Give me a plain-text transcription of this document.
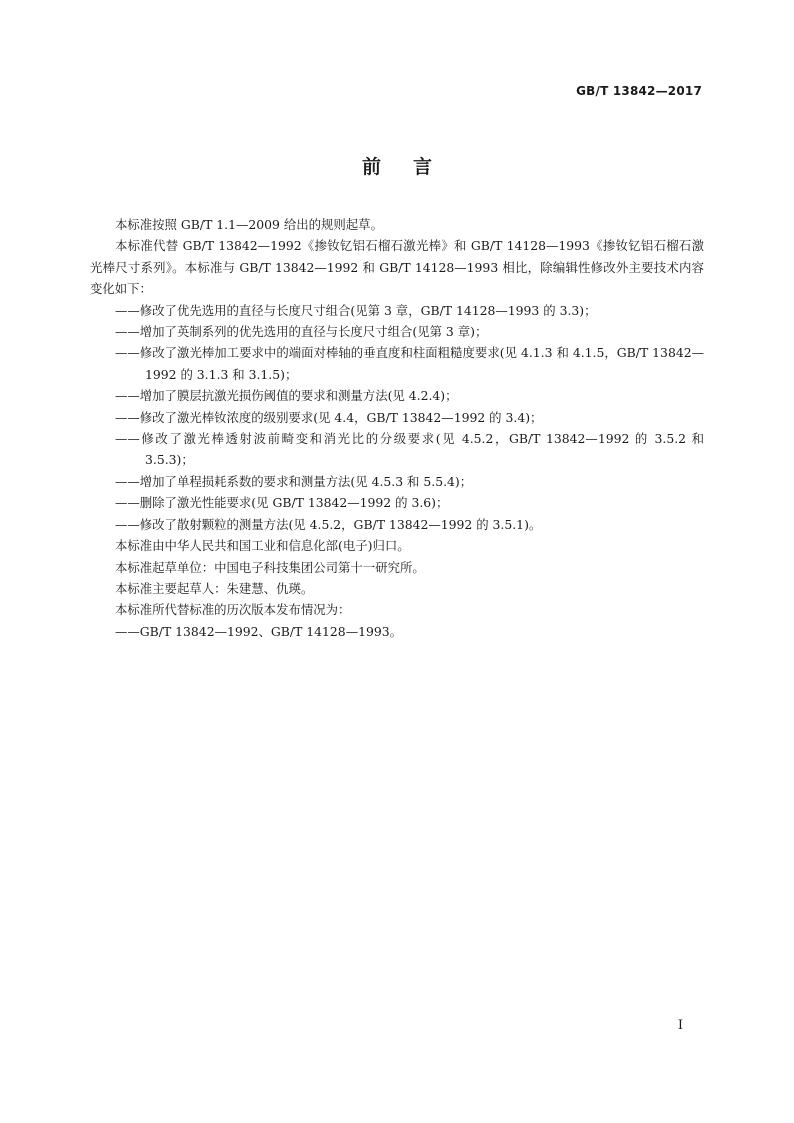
GB/T 13842—2017
前言

本标准按照 GB/T 1.1—2009 给出的规则起草。

本标准代替 GB/T 13842—1992《掺钕钇铝石榴石激光棒》和 GB/T 14128—1993《掺钕钇铝石榴石激光棒尺寸系列》。本标准与 GB/T 13842—1992 和 GB/T 14128—1993 相比，除编辑性修改外主要技术内容变化如下：

——修改了优先选用的直径与长度尺寸组合(见第 3 章，GB/T 14128—1993 的 3.3)；

——增加了英制系列的优先选用的直径与长度尺寸组合(见第 3 章)；

——修改了激光棒加工要求中的端面对棒轴的垂直度和柱面粗糙度要求(见 4.1.3 和 4.1.5，GB/T 13842—1992 的 3.1.3 和 3.1.5)；

——增加了膜层抗激光损伤阈值的要求和测量方法(见 4.2.4)；

——修改了激光棒钕浓度的级别要求(见 4.4，GB/T 13842—1992 的 3.4)；

——修改了激光棒透射波前畸变和消光比的分级要求(见 4.5.2，GB/T 13842—1992 的 3.5.2 和 3.5.3)；

——增加了单程损耗系数的要求和测量方法(见 4.5.3 和 5.5.4)；

——删除了激光性能要求(见 GB/T 13842—1992 的 3.6)；

——修改了散射颗粒的测量方法(见 4.5.2，GB/T 13842—1992 的 3.5.1)。

本标准由中华人民共和国工业和信息化部(电子)归口。

本标准起草单位：中国电子科技集团公司第十一研究所。

本标准主要起草人：朱建慧、仇瑛。

本标准所代替标准的历次版本发布情况为：

——GB/T 13842—1992、GB/T 14128—1993。

I
